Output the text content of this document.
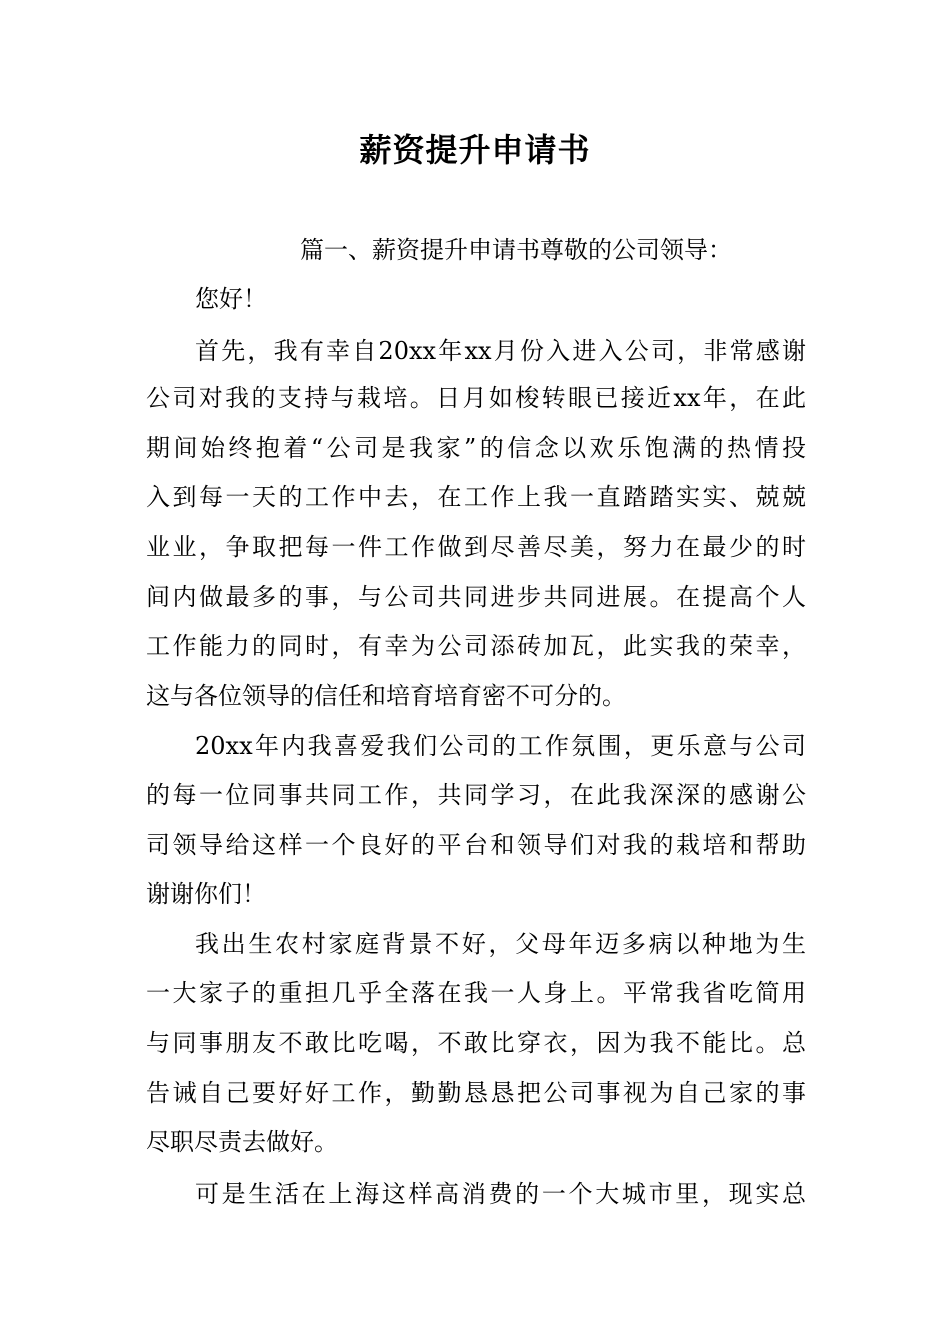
薪资提升申请书

篇一、薪资提升申请书尊敬的公司领导：

您好！

首先，我有幸自20xx年xx月份入进入公司，非常感谢

公司对我的支持与栽培。日月如梭转眼已接近xx年，在此

期间始终抱着“公司是我家”的信念以欢乐饱满的热情投

入到每一天的工作中去，在工作上我一直踏踏实实、兢兢

业业，争取把每一件工作做到尽善尽美，努力在最少的时

间内做最多的事，与公司共同进步共同进展。在提高个人

工作能力的同时，有幸为公司添砖加瓦，此实我的荣幸，

这与各位领导的信任和培育培育密不可分的。

20xx年内我喜爱我们公司的工作氛围，更乐意与公司

的每一位同事共同工作，共同学习，在此我深深的感谢公

司领导给这样一个良好的平台和领导们对我的栽培和帮助

谢谢你们！

我出生农村家庭背景不好，父母年迈多病以种地为生

一大家子的重担几乎全落在我一人身上。平常我省吃简用

与同事朋友不敢比吃喝，不敢比穿衣，因为我不能比。总

告诫自己要好好工作，勤勤恳恳把公司事视为自己家的事

尽职尽责去做好。

可是生活在上海这样高消费的一个大城市里，现实总
